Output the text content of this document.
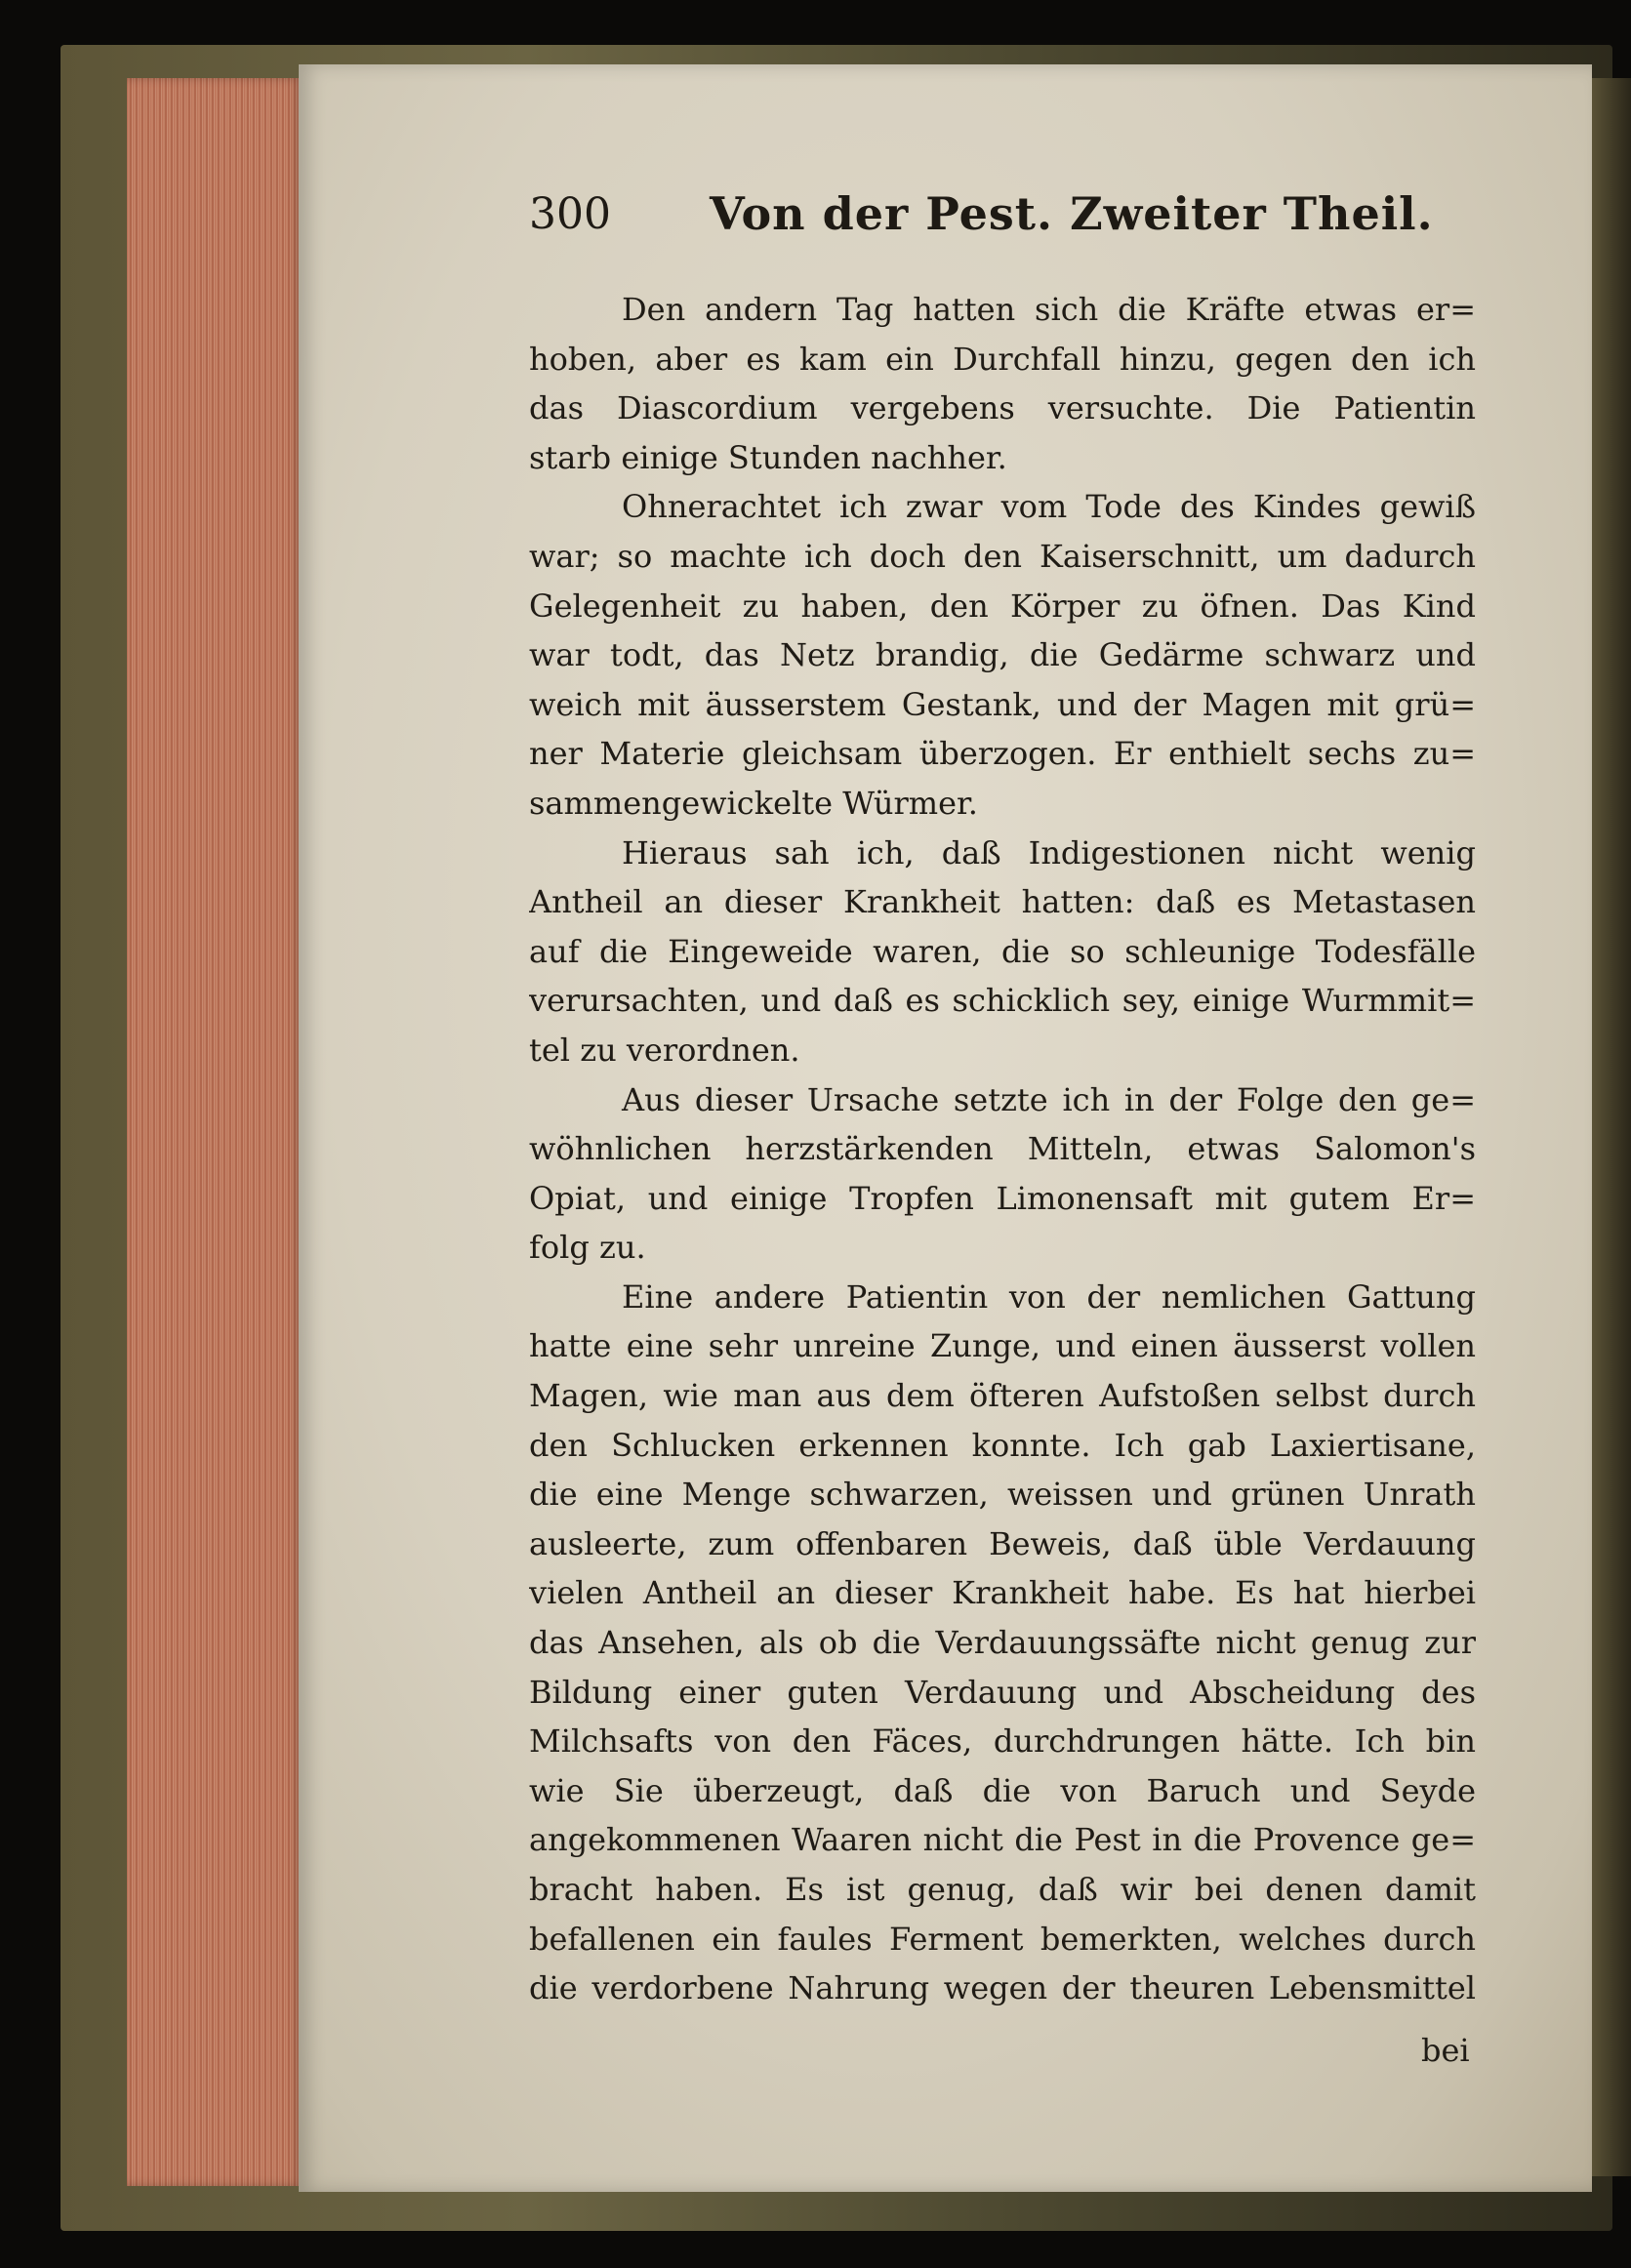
300 Von der Pest. Zweiter Theil.
Den andern Tag hatten sich die Kräfte etwas er=
hoben, aber es kam ein Durchfall hinzu, gegen den ich
das Diascordium vergebens versuchte. Die Patientin
starb einige Stunden nachher.
Ohnerachtet ich zwar vom Tode des Kindes gewiß
war; so machte ich doch den Kaiserschnitt, um dadurch
Gelegenheit zu haben, den Körper zu öfnen. Das Kind
war todt, das Netz brandig, die Gedärme schwarz und
weich mit äusserstem Gestank, und der Magen mit grü=
ner Materie gleichsam überzogen. Er enthielt sechs zu=
sammengewickelte Würmer.
Hieraus sah ich, daß Indigestionen nicht wenig
Antheil an dieser Krankheit hatten: daß es Metastasen
auf die Eingeweide waren, die so schleunige Todesfälle
verursachten, und daß es schicklich sey, einige Wurmmit=
tel zu verordnen.
Aus dieser Ursache setzte ich in der Folge den ge=
wöhnlichen herzstärkenden Mitteln, etwas Salomon's
Opiat, und einige Tropfen Limonensaft mit gutem Er=
folg zu.
Eine andere Patientin von der nemlichen Gattung
hatte eine sehr unreine Zunge, und einen äusserst vollen
Magen, wie man aus dem öfteren Aufstoßen selbst durch
den Schlucken erkennen konnte. Ich gab Laxiertisane,
die eine Menge schwarzen, weissen und grünen Unrath
ausleerte, zum offenbaren Beweis, daß üble Verdauung
vielen Antheil an dieser Krankheit habe. Es hat hierbei
das Ansehen, als ob die Verdauungssäfte nicht genug zur
Bildung einer guten Verdauung und Abscheidung des
Milchsafts von den Fäces, durchdrungen hätte. Ich bin
wie Sie überzeugt, daß die von Baruch und Seyde
angekommenen Waaren nicht die Pest in die Provence ge=
bracht haben. Es ist genug, daß wir bei denen damit
befallenen ein faules Ferment bemerkten, welches durch
die verdorbene Nahrung wegen der theuren Lebensmittel
bei
